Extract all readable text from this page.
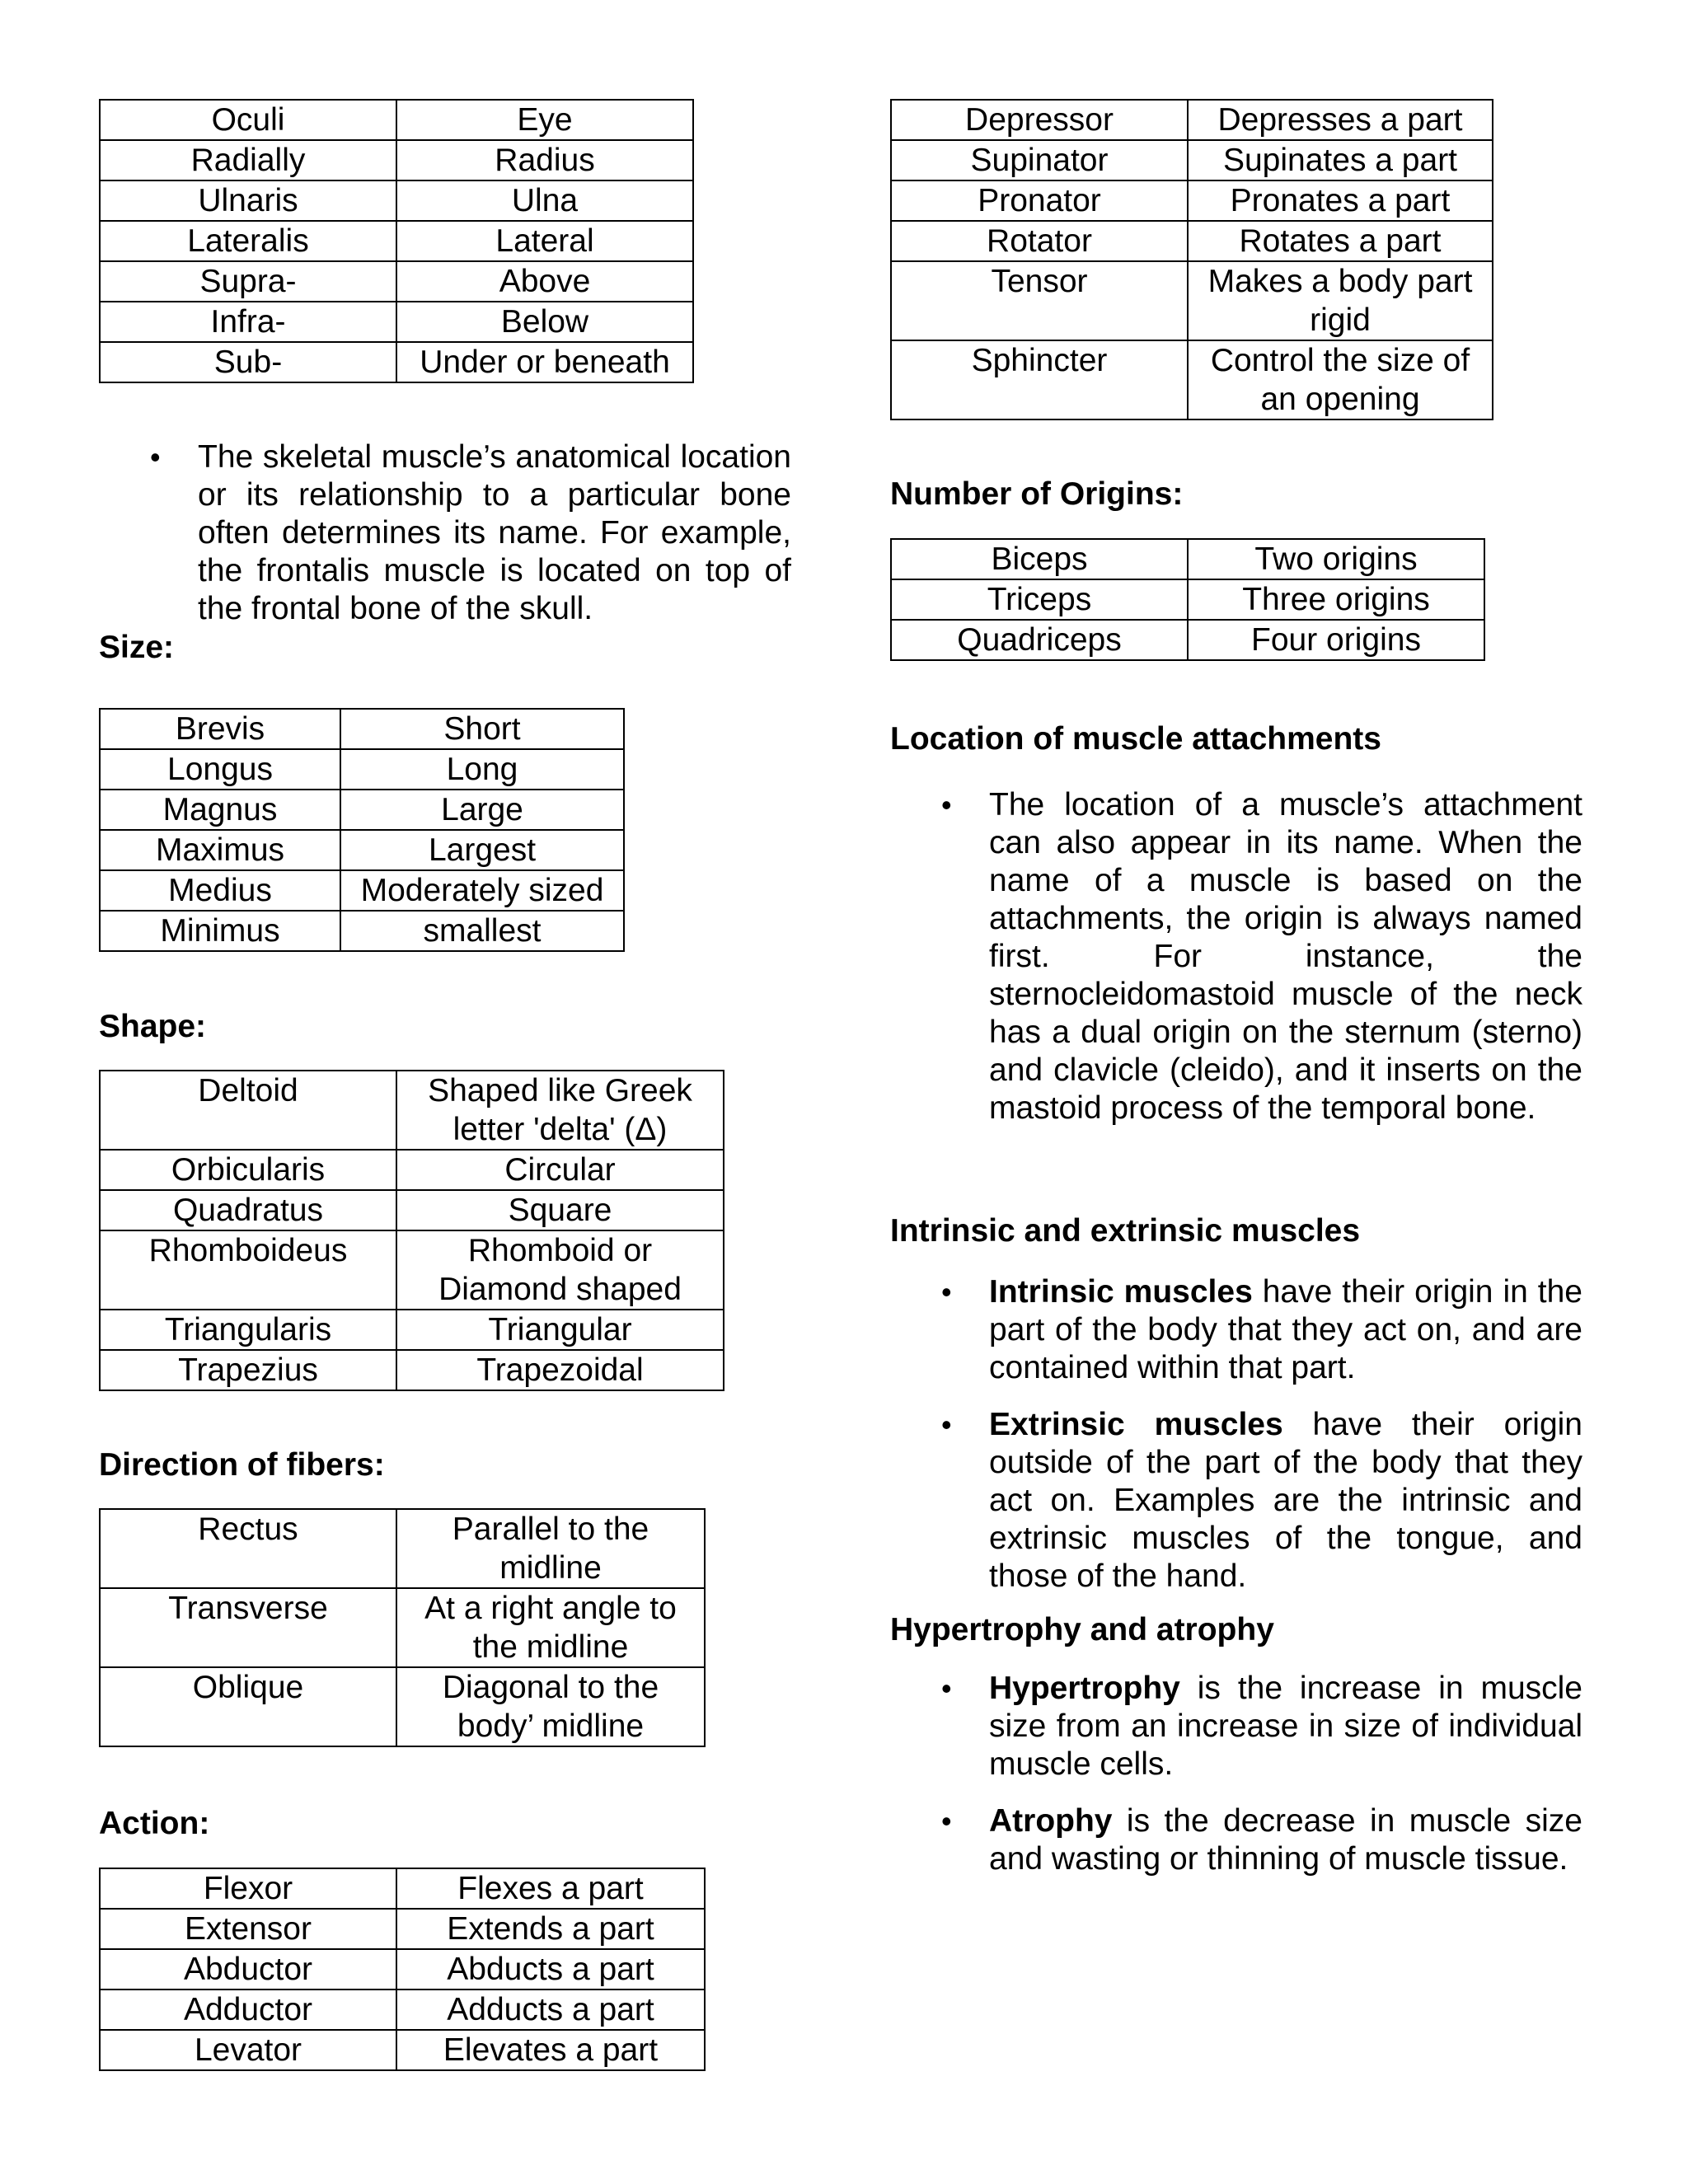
Oculi	Eye
Radially	Radius
Ulnaris	Ulna
Lateralis	Lateral
Supra-	Above
Infra-	Below
Sub-	Under or beneath
• The skeletal muscle’s anatomical location or its relationship to a particular bone often determines its name. For example, the frontalis muscle is located on top of the frontal bone of the skull.
Size:
Brevis	Short
Longus	Long
Magnus	Large
Maximus	Largest
Medius	Moderately sized
Minimus	smallest
Shape:
Deltoid	Shaped like Greek letter 'delta' (Δ)
Orbicularis	Circular
Quadratus	Square
Rhomboideus	Rhomboid or Diamond shaped
Triangularis	Triangular
Trapezius	Trapezoidal
Direction of fibers:
Rectus	Parallel to the midline
Transverse	At a right angle to the midline
Oblique	Diagonal to the body’ midline
Action:
Flexor	Flexes a part
Extensor	Extends a part
Abductor	Abducts a part
Adductor	Adducts a part
Levator	Elevates a part
Depressor	Depresses a part
Supinator	Supinates a part
Pronator	Pronates a part
Rotator	Rotates a part
Tensor	Makes a body part rigid
Sphincter	Control the size of an opening
Number of Origins:
Biceps	Two origins
Triceps	Three origins
Quadriceps	Four origins
Location of muscle attachments
• The location of a muscle’s attachment can also appear in its name. When the name of a muscle is based on the attachments, the origin is always named first. For instance, the sternocleidomastoid muscle of the neck has a dual origin on the sternum (sterno) and clavicle (cleido), and it inserts on the mastoid process of the temporal bone.
Intrinsic and extrinsic muscles
• Intrinsic muscles have their origin in the part of the body that they act on, and are contained within that part.
• Extrinsic muscles have their origin outside of the part of the body that they act on. Examples are the intrinsic and extrinsic muscles of the tongue, and those of the hand.
Hypertrophy and atrophy
• Hypertrophy is the increase in muscle size from an increase in size of individual muscle cells.
• Atrophy is the decrease in muscle size and wasting or thinning of muscle tissue.
